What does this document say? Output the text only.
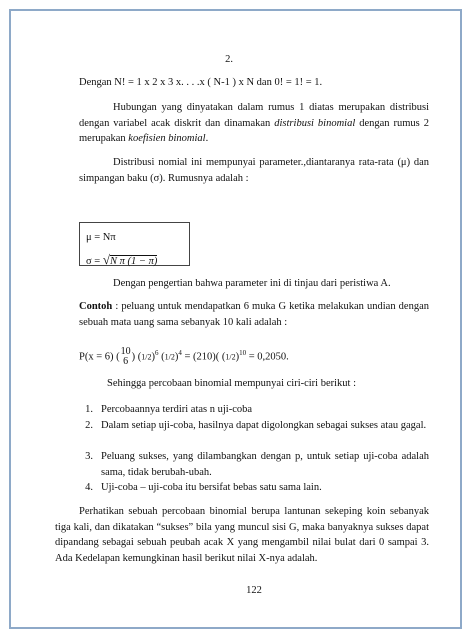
2.
Dengan N! = 1 x 2 x 3 x. . . .x ( N-1 ) x N dan 0! = 1! = 1.
Hubungan yang dinyatakan dalam rumus 1 diatas merupakan distribusi dengan variabel acak diskrit dan dinamakan distribusi binomial dengan rumus 2 merupakan koefisien binomial.
Distribusi nomial ini mempunyai parameter.,diantaranya rata-rata (μ) dan simpangan baku (σ). Rumusnya adalah :
Dengan pengertian bahwa parameter ini di tinjau dari peristiwa A.
Contoh : peluang untuk mendapatkan 6 muka G ketika melakukan undian dengan sebuah mata uang sama sebanyak 10 kali adalah :
P(x = 6) ( 10
6 ) $(1/2)^6$ $(1/2)^4 = (210)$( $(1/2)^{10} = 0,2050$.
Sehingga percobaan binomial mempunyai ciri-ciri berikut :
1. Percobaannya terdiri atas n uji-coba
2. Dalam setiap uji-coba, hasilnya dapat digolongkan sebagai sukses atau gagal.
3. Peluang sukses, yang dilambangkan dengan p, untuk setiap uji-coba adalah sama, tidak berubah-ubah.
4. Uji-coba – uji-coba itu bersifat bebas satu sama lain.
Perhatikan sebuah percobaan binomial berupa lantunan sekeping koin sebanyak tiga kali, dan dikatakan “sukses” bila yang muncul sisi G, maka banyaknya sukses dapat dipandang sebagai sebuah peubah acak X yang mengambil nilai bulat dari 0 sampai 3. Ada Kedelapan kemungkinan hasil berikut nilai X-nya adalah.
122
μ = Nπ
σ = √N π (1 − π)
